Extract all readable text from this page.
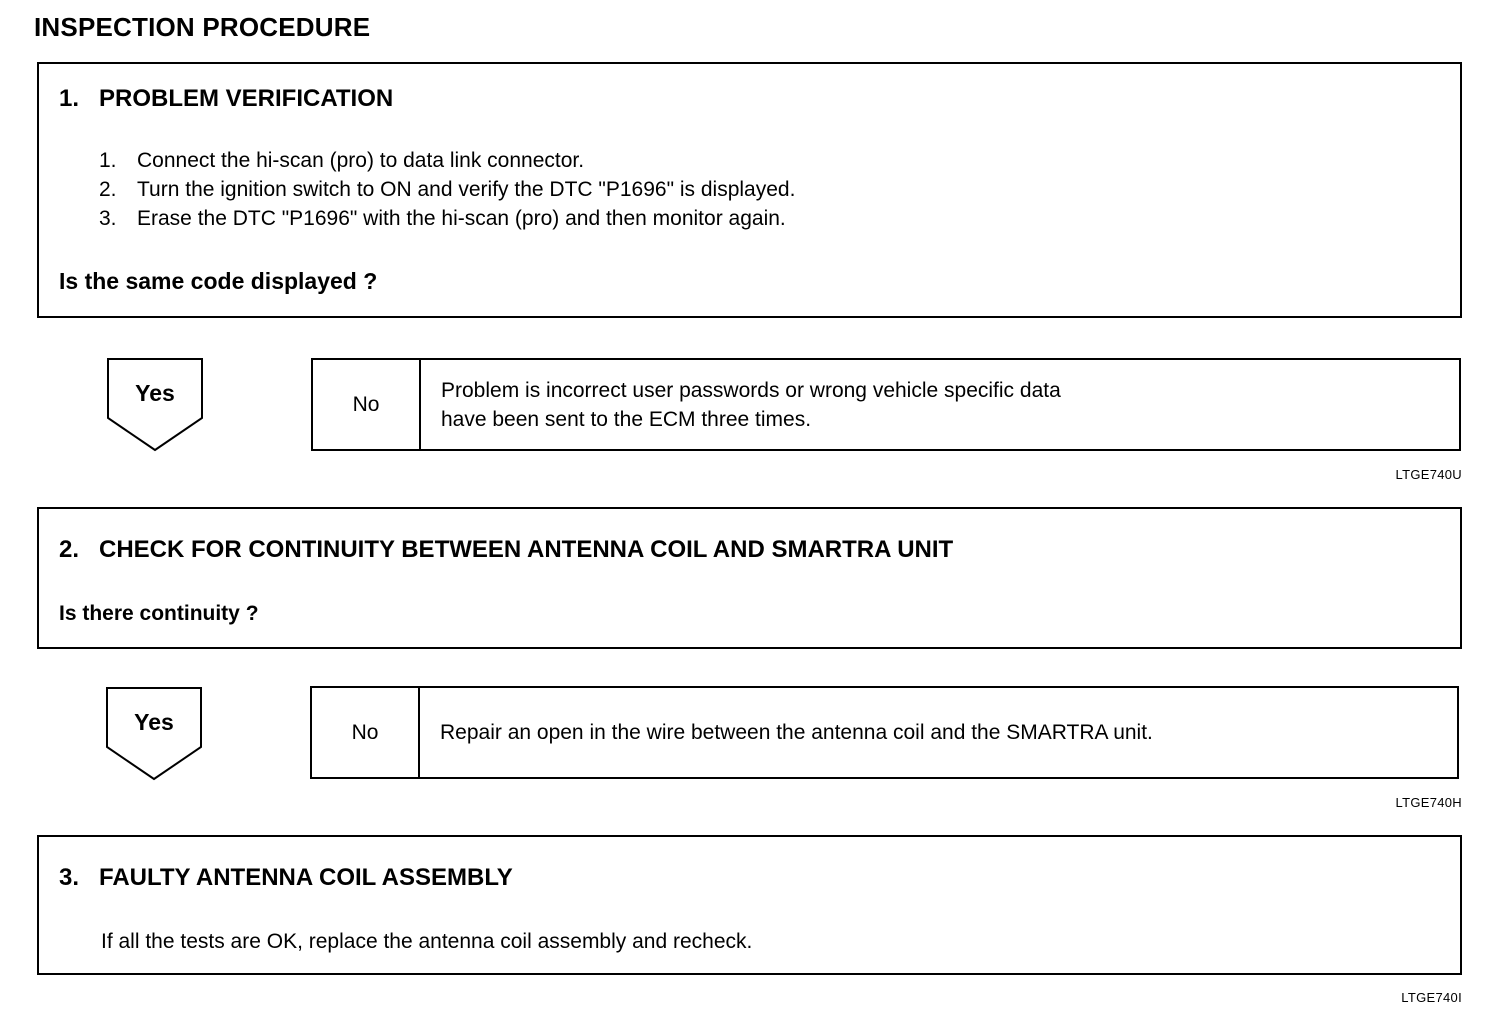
INSPECTION PROCEDURE
1. PROBLEM VERIFICATION
1. Connect the hi-scan (pro) to data link connector.
2. Turn the ignition switch to ON and verify the DTC "P1696" is displayed.
3. Erase the DTC "P1696" with the hi-scan (pro) and then monitor again.
Is the same code displayed ?
Yes	No
Problem is incorrect user passwords or wrong vehicle specific data
have been sent to the ECM three times.
LTGE740U
2. CHECK FOR CONTINUITY BETWEEN ANTENNA COIL AND SMARTRA UNIT
Is there continuity ?
Yes	No	Repair an open in the wire between the antenna coil and the SMARTRA unit.
LTGE740H
3. FAULTY ANTENNA COIL ASSEMBLY
If all the tests are OK, replace the antenna coil assembly and recheck.
LTGE740I
